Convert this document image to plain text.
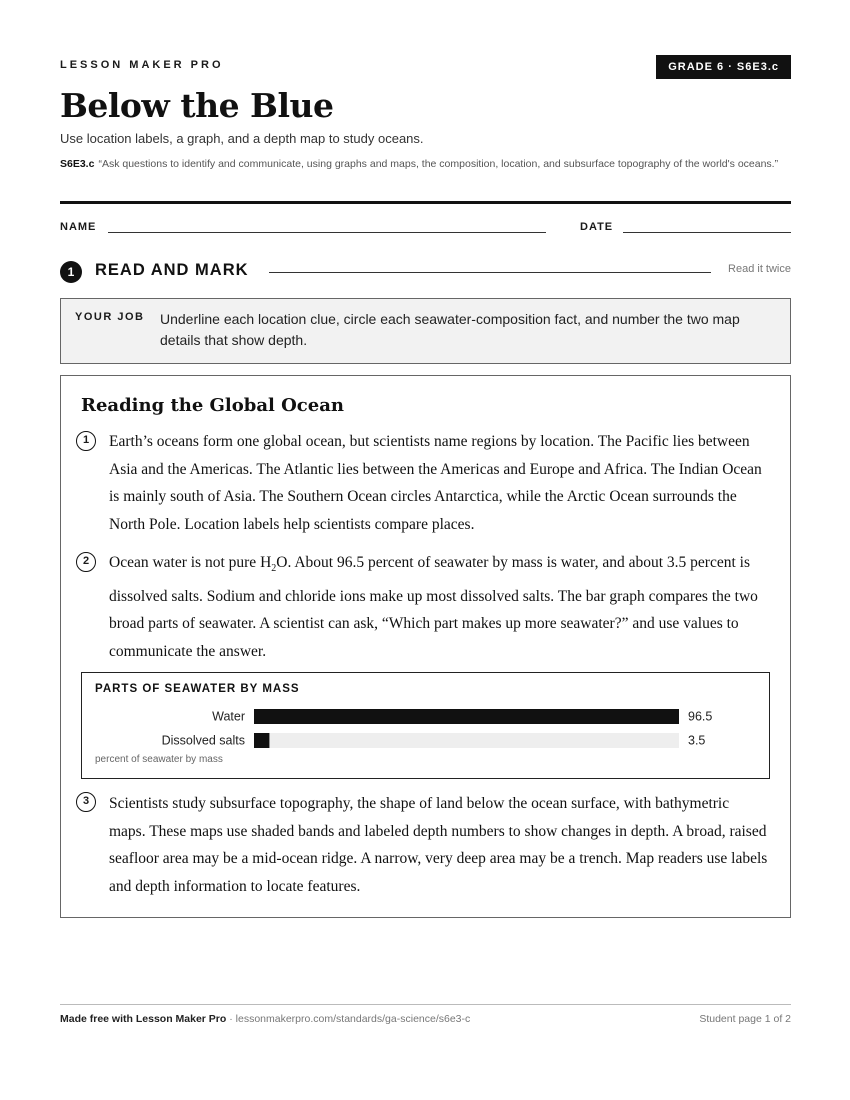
LESSON MAKER PRO	GRADE 6 · S6E3.c
Below the Blue

Use location labels, a graph, and a depth map to study oceans.

S6E3.c “Ask questions to identify and communicate, using graphs and maps, the composition, location, and subsurface topography of the world's oceans.”

NAME	DATE
1	READ AND MARK	Read it twice
YOUR JOB Underline each location clue, circle each seawater-composition fact, and number the two map details that show depth.

Reading the Global Ocean
1	Earth’s oceans form one global ocean, but scientists name regions by location. The Pacific lies between Asia and the Americas. The Atlantic lies between the Americas and Europe and Africa. The Indian Ocean is mainly south of Asia. The Southern Ocean circles Antarctica, while the Arctic Ocean surrounds the North Pole. Location labels help scientists compare places.

2	Ocean water is not pure $H_2O$. About 96.5 percent of seawater by mass is water, and about 3.5 percent is dissolved salts. Sodium and chloride ions make up most dissolved salts. The bar graph compares the two broad parts of seawater. A scientist can ask, “Which part makes up more seawater?” and use values to communicate the answer.

PARTS OF SEAWATER BY MASS
Water	96.5
Dissolved salts	3.5
percent of seawater by mass
3	Scientists study subsurface topography, the shape of land below the ocean surface, with bathymetric maps. These maps use shaded bands and labeled depth numbers to show changes in depth. A broad, raised seafloor area may be a mid-ocean ridge. A narrow, very deep area may be a trench. Map readers use labels and depth information to locate features.

Made free with Lesson Maker Pro · lessonmakerpro.com/standards/ga-science/s6e3-c	Student page 1 of 2
